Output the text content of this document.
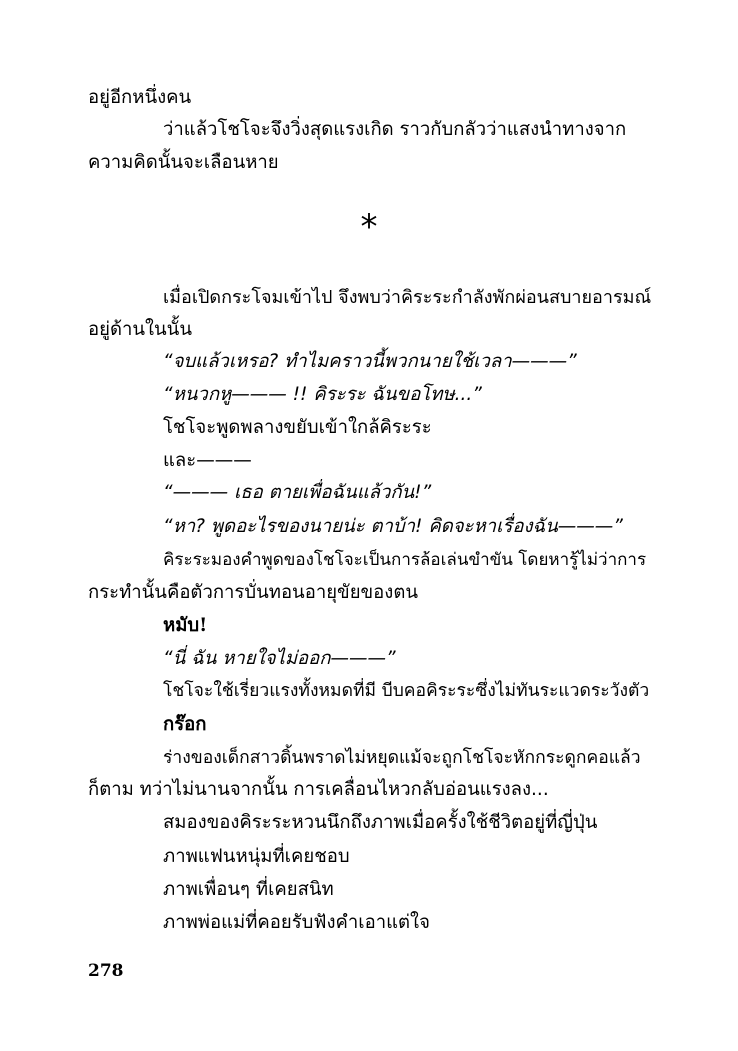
อยู่อีกหนึ่งคน
ว่าแล้วโชโจะจึงวิ่งสุดแรงเกิด ราวกับกลัวว่าแสงนำทางจาก
ความคิดนั้นจะเลือนหาย
*
เมื่อเปิดกระโจมเข้าไป จึงพบว่าคิระระกำลังพักผ่อนสบายอารมณ์
อยู่ด้านในนั้น
“จบแล้วเหรอ? ทำไมคราวนี้พวกนายใช้เวลา———”
“หนวกหู——— !! คิระระ ฉันขอโทษ...”
โชโจะพูดพลางขยับเข้าใกล้คิระระ
และ———
“——— เธอ ตายเพื่อฉันแล้วกัน!”
“หา? พูดอะไรของนายน่ะ ตาบ้า! คิดจะหาเรื่องฉัน———”
คิระระมองคำพูดของโชโจะเป็นการล้อเล่นขำขัน โดยหารู้ไม่ว่าการ
กระทำนั้นคือตัวการบั่นทอนอายุขัยของตน
หมับ!
“นี่ ฉัน หายใจไม่ออก———”
โชโจะใช้เรี่ยวแรงทั้งหมดที่มี บีบคอคิระระซึ่งไม่ทันระแวดระวังตัว
กร๊อก
ร่างของเด็กสาวดิ้นพราดไม่หยุดแม้จะถูกโชโจะหักกระดูกคอแล้ว
ก็ตาม ทว่าไม่นานจากนั้น การเคลื่อนไหวกลับอ่อนแรงลง...
สมองของคิระระหวนนึกถึงภาพเมื่อครั้งใช้ชีวิตอยู่ที่ญี่ปุ่น
ภาพแฟนหนุ่มที่เคยชอบ
ภาพเพื่อนๆ ที่เคยสนิท
ภาพพ่อแม่ที่คอยรับฟังคำเอาแต่ใจ
278
